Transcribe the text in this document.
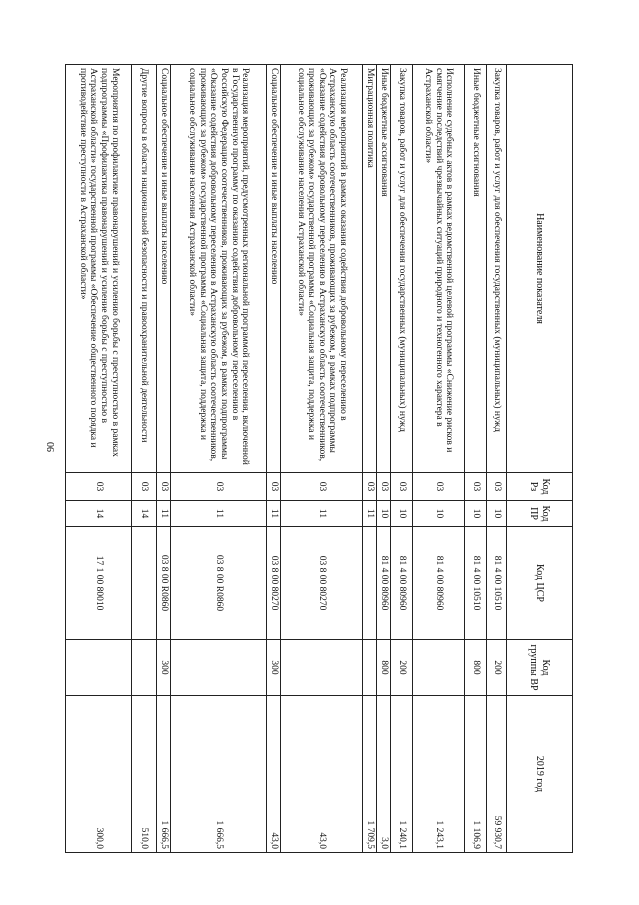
90
Наименование показателя	Код Рз	Код ПР	Код ЦСР	Код группы ВР	2019 год
Закупка товаров, работ и услуг для обеспечения государственных (муниципальных) нужд	03	10	81 4 00 10510	200	59 930,7
Иные бюджетные ассигнования	03	10	81 4 00 10510	800	1 106,9
Исполнение судебных актов в рамках ведомственной целевой программы «Снижение рисков и смягчение последствий чрезвычайных ситуаций природного и техногенного характера в Астраханской области»	03	10	81 4 00 80960		1 243,1
Закупка товаров, работ и услуг для обеспечения государственных (муниципальных) нужд	03	10	81 4 00 80960	200	1 240,1
Иные бюджетные ассигнования	03	10	81 4 00 80960	800	3,0
Миграционная политика	03	11			1 709,5
Реализация мероприятий в рамках оказания содействия добровольному переселению в Астраханскую область соотечественников, проживающих за рубежом, в рамках подпрограммы «Оказание содействия добровольному переселению в Астраханскую область соотечественников, проживающих за рубежом» государственной программы «Социальная защита, поддержка и социальное обслуживание населения Астраханской области»	03	11	03 8 00 80270		43,0
Социальное обеспечение и иные выплаты населению	03	11	03 8 00 80270	300	43,0
Реализация мероприятий, предусмотренных региональной программой переселения, включенной в Государственную программу по оказанию содействия добровольному переселению в Российскую Федерацию соотечественников, проживающих за рубежом, в рамках подпрограммы «Оказание содействия добровольному переселению в Астраханскую область соотечественников, проживающих за рубежом» государственной программы «Социальная защита, поддержка и социальное обслуживание населения Астраханской области»	03	11	03 8 00 R0860		1 666,5
Социальное обеспечение и иные выплаты населению	03	11	03 8 00 R0860	300	1 666,5
Другие вопросы в области национальной безопасности и правоохранительной деятельности	03	14			510,0
Мероприятия по профилактике правонарушений и усилению борьбы с преступностью в рамках подпрограммы «Профилактика правонарушений и усиление борьбы с преступностью в Астраханской области» государственной программы «Обеспечение общественного порядка и противодействие преступности в Астраханской области»	03	14	17 1 00 80010		300,0
